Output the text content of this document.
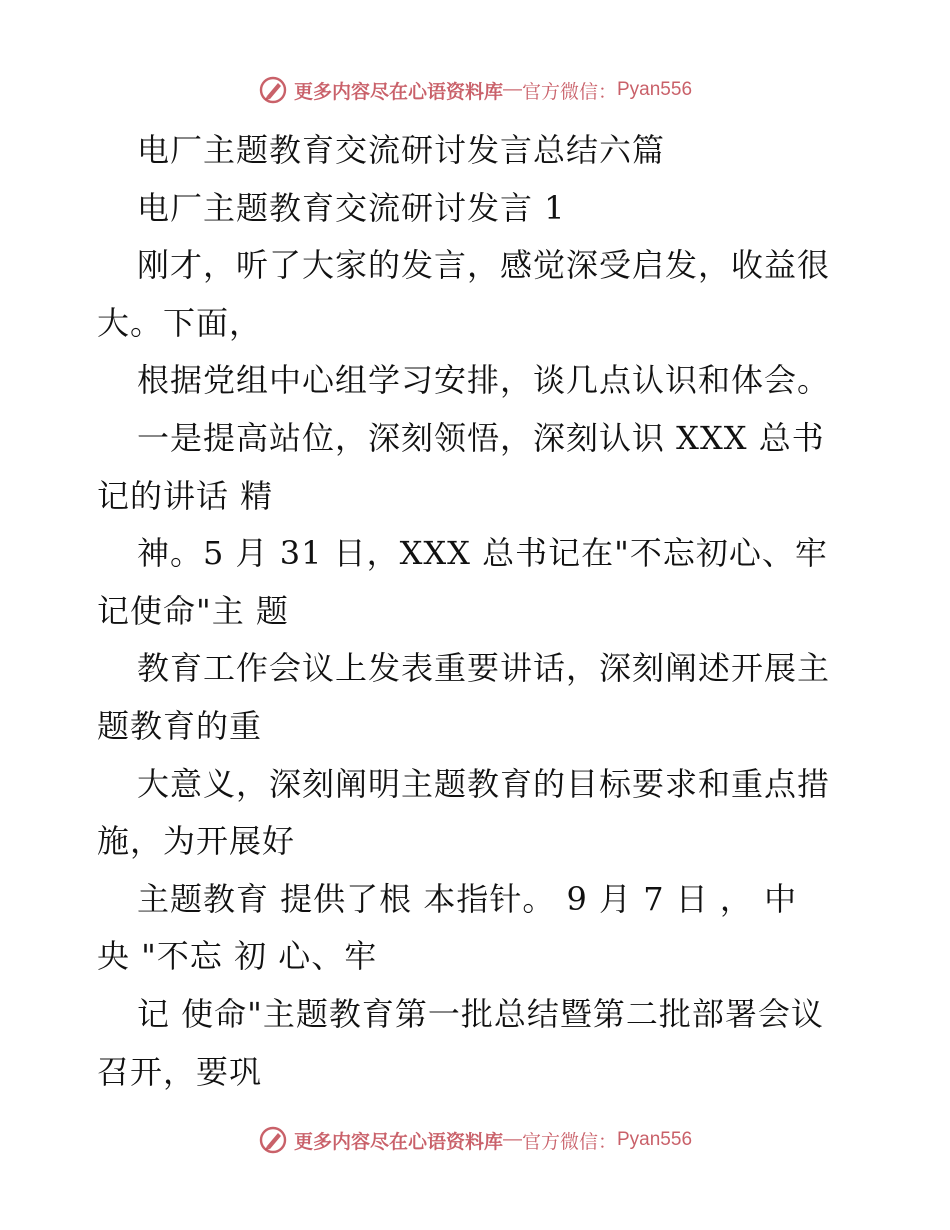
更多内容尽在心语资料库 — 官方微信： Pyan556
电厂主题教育交流研讨发言总结六篇
电厂主题教育交流研讨发言 1
刚才，听了大家的发言，感觉深受启发，收益很
大。下面，
根据党组中心组学习安排，谈几点认识和体会。
一是提高站位，深刻领悟，深刻认识 XXX 总书
记的讲话 精
神。5 月 31 日，XXX 总书记在"不忘初心、牢
记使命"主 题
教育工作会议上发表重要讲话，深刻阐述开展主
题教育的重
大意义，深刻阐明主题教育的目标要求和重点措
施，为开展好
主题教育 提供了根 本指针。 9 月 7 日 ， 中
央 "不忘 初 心、牢
记 使命"主题教育第一批总结暨第二批部署会议
召开，要巩
更多内容尽在心语资料库 — 官方微信： Pyan556
